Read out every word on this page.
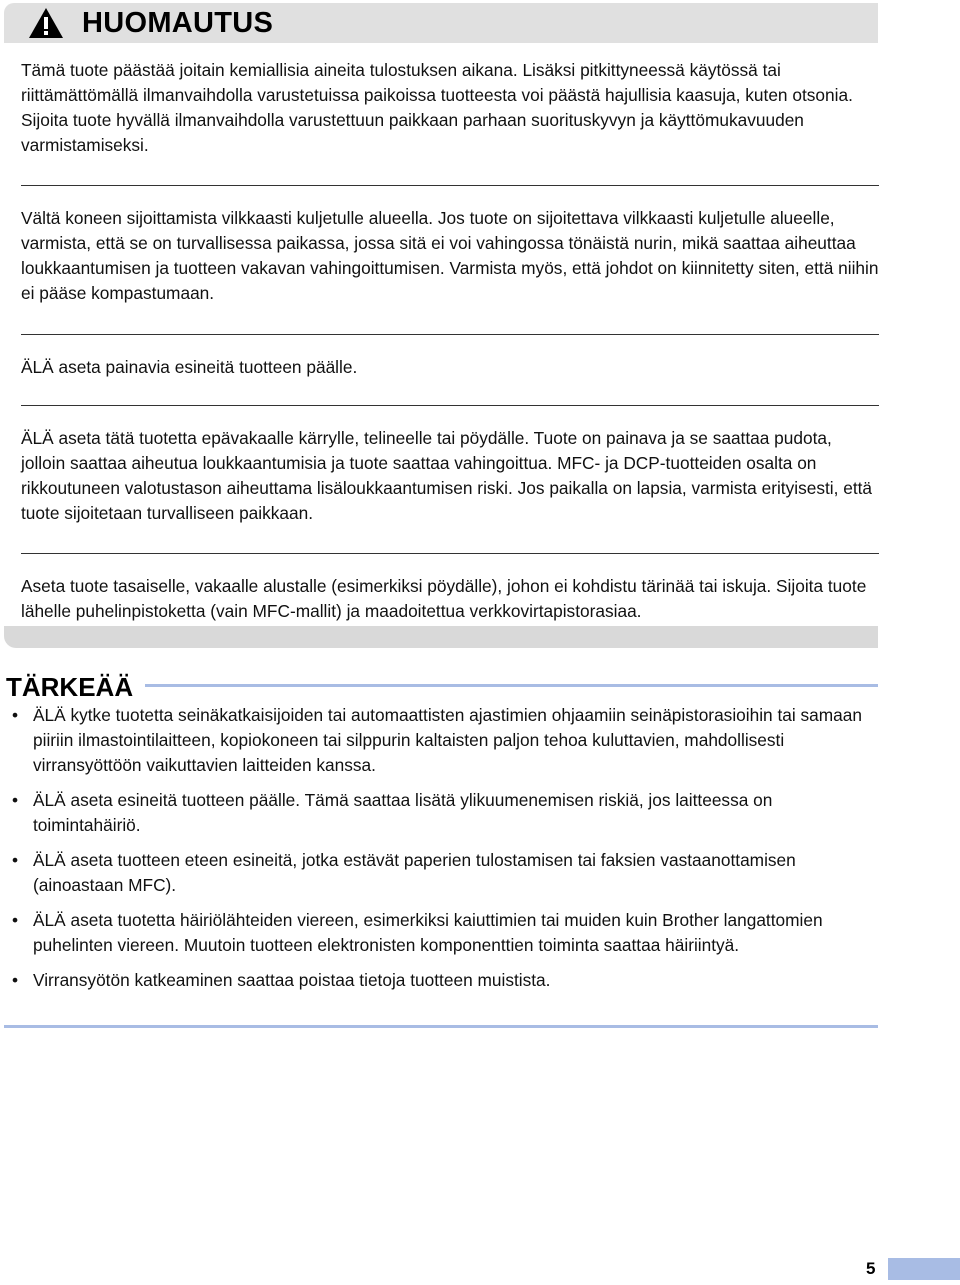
HUOMAUTUS

Tämä tuote päästää joitain kemiallisia aineita tulostuksen aikana. Lisäksi pitkittyneessä käytössä tai riittämättömällä ilmanvaihdolla varustetuissa paikoissa tuotteesta voi päästä hajullisia kaasuja, kuten otsonia. Sijoita tuote hyvällä ilmanvaihdolla varustettuun paikkaan parhaan suorituskyvyn ja käyttömukavuuden varmistamiseksi.

Vältä koneen sijoittamista vilkkaasti kuljetulle alueella. Jos tuote on sijoitettava vilkkaasti kuljetulle alueelle, varmista, että se on turvallisessa paikassa, jossa sitä ei voi vahingossa tönäistä nurin, mikä saattaa aiheuttaa loukkaantumisen ja tuotteen vakavan vahingoittumisen. Varmista myös, että johdot on kiinnitetty siten, että niihin ei pääse kompastumaan.

ÄLÄ aseta painavia esineitä tuotteen päälle.

ÄLÄ aseta tätä tuotetta epävakaalle kärrylle, telineelle tai pöydälle. Tuote on painava ja se saattaa pudota, jolloin saattaa aiheutua loukkaantumisia ja tuote saattaa vahingoittua. MFC- ja DCP-tuotteiden osalta on rikkoutuneen valotustason aiheuttama lisäloukkaantumisen riski. Jos paikalla on lapsia, varmista erityisesti, että tuote sijoitetaan turvalliseen paikkaan.

Aseta tuote tasaiselle, vakaalle alustalle (esimerkiksi pöydälle), johon ei kohdistu tärinää tai iskuja. Sijoita tuote lähelle puhelinpistoketta (vain MFC-mallit) ja maadoitettua verkkovirtapistorasiaa.

TÄRKEÄÄ
• ÄLÄ kytke tuotetta seinäkatkaisijoiden tai automaattisten ajastimien ohjaamiin seinäpistorasioihin tai samaan piiriin ilmastointilaitteen, kopiokoneen tai silppurin kaltaisten paljon tehoa kuluttavien, mahdollisesti virransyöttöön vaikuttavien laitteiden kanssa.
• ÄLÄ aseta esineitä tuotteen päälle. Tämä saattaa lisätä ylikuumenemisen riskiä, jos laitteessa on toimintahäiriö.
• ÄLÄ aseta tuotteen eteen esineitä, jotka estävät paperien tulostamisen tai faksien vastaanottamisen (ainoastaan MFC).
• ÄLÄ aseta tuotetta häiriölähteiden viereen, esimerkiksi kaiuttimien tai muiden kuin Brother langattomien puhelinten viereen. Muutoin tuotteen elektronisten komponenttien toiminta saattaa häiriintyä.
• Virransyötön katkeaminen saattaa poistaa tietoja tuotteen muistista.
5
